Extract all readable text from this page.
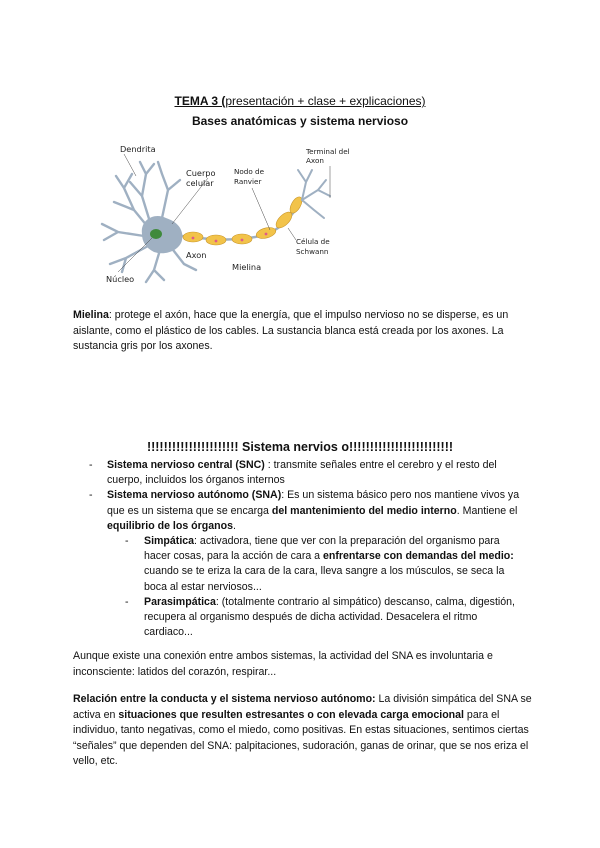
TEMA 3 (presentación + clase + explicaciones)
Bases anatómicas y sistema nervioso
Dendrita
Cuerpo
celular
Nodo de
Ranvier
Terminal del
Axon
Célula de
Schwann
Axon
Mielina
Núcleo

Mielina: protege el axón, hace que la energía, que el impulso nervioso no se disperse, es un aislante, como el plástico de los cables. La sustancia blanca está creada por los axones. La sustancia gris por los axones.

!!!!!!!!!!!!!!!!!!!!!! Sistema nervios o!!!!!!!!!!!!!!!!!!!!!!!!!
- Sistema nervioso central (SNC) : transmite señales entre el cerebro y el resto del cuerpo, incluidos los órganos internos
- Sistema nervioso autónomo (SNA): Es un sistema básico pero nos mantiene vivos ya que es un sistema que se encarga del mantenimiento del medio interno. Mantiene el equilibrio de los órganos.
- Simpática: activadora, tiene que ver con la preparación del organismo para hacer cosas, para la acción de cara a enfrentarse con demandas del medio: cuando se te eriza la cara de la cara, lleva sangre a los músculos, se seca la boca al estar nerviosos...
- Parasimpática: (totalmente contrario al simpático) descanso, calma, digestión, recupera al organismo después de dicha actividad. Desacelera el ritmo cardiaco...

Aunque existe una conexión entre ambos sistemas, la actividad del SNA es involuntaria e inconsciente: latidos del corazón, respirar...

Relación entre la conducta y el sistema nervioso autónomo: La división simpática del SNA se activa en situaciones que resulten estresantes o con elevada carga emocional para el individuo, tanto negativas, como el miedo, como positivas. En estas situaciones, sentimos ciertas “señales” que dependen del SNA: palpitaciones, sudoración, ganas de orinar, que se nos eriza el vello, etc.
